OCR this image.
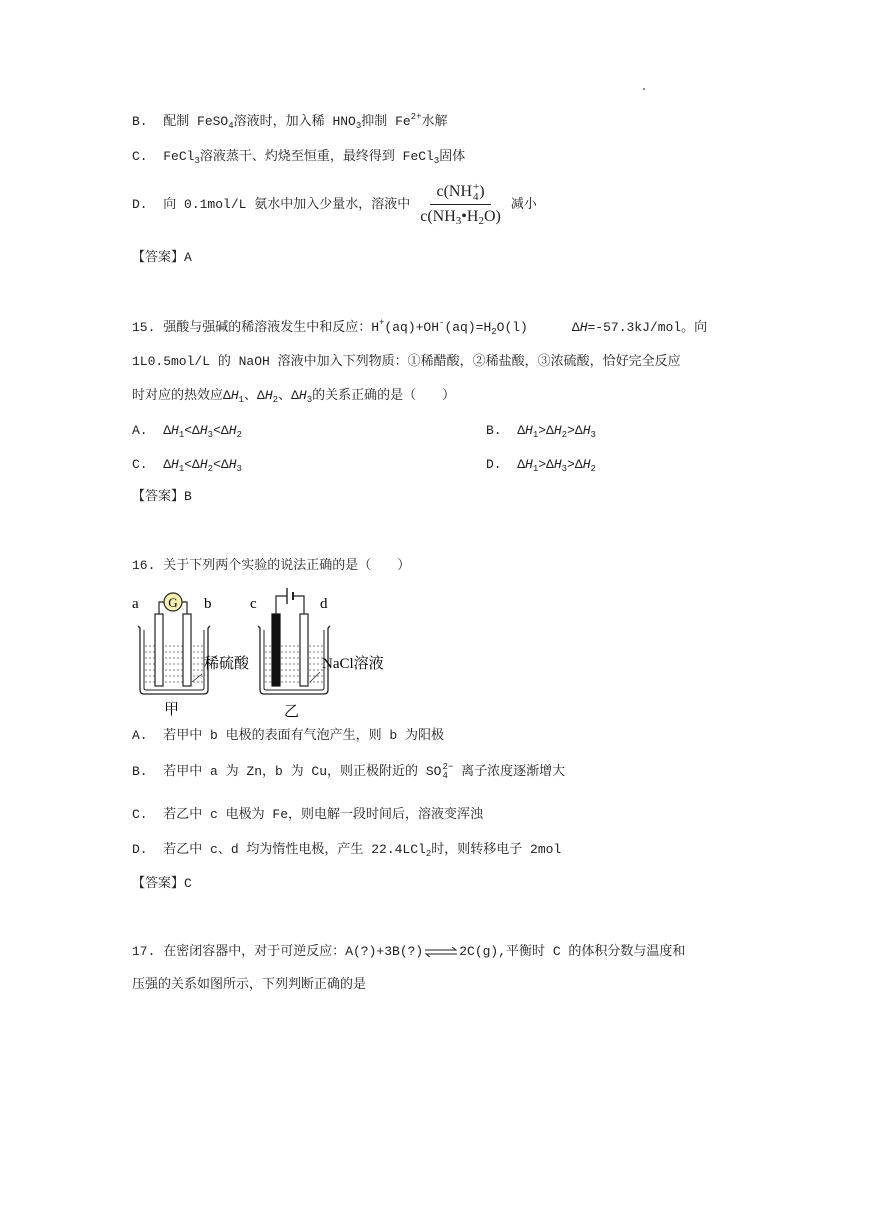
B. 配制 FeSO$_4$溶液时，加入稀 $HNO_3$抑制 $Fe^{2+}$水解
C. FeCl$_3$溶液蒸干、灼烧至恒重，最终得到 FeCl$_3$固体
D. 向 0.1mol/L 氨水中加入少量水，溶液中 c(NH +
4 )
$c(NH_3•H_2O)$ 减小
【答案】A
15. 强酸与强碱的稀溶液发生中和反应：$H^+(aq)+OH^-(aq)=H_2O(l)$	ΔH=-57.3kJ/mol。向
1L0.5mol/L 的 NaOH 溶液中加入下列物质：①稀醋酸，②稀盐酸，③浓硫酸，恰好完全反应
时对应的热效应$\Delta H_1$、$\Delta H_2$、$\Delta H_3$的关系正确的是（　　）
A. $\Delta H_1<\Delta H_3<\Delta H_2$	B. $\Delta H_1>\Delta H_2>\Delta H_3$
C. $\Delta H_1<\Delta H_2<\Delta H_3$	D. $\Delta H_1>\Delta H_3>\Delta H_2$
【答案】B
16. 关于下列两个实验的说法正确的是（　　）
G
a	b
稀硫酸
甲
c	d
NaCl溶液
乙
A. 若甲中 b 电极的表面有气泡产生，则 b 为阳极
B. 若甲中 a 为 Zn，b 为 Cu，则正极附近的 SO 2−
4 离子浓度逐渐增大
C. 若乙中 c 电极为 Fe，则电解一段时间后，溶液变浑浊
D. 若乙中 c、d 均为惰性电极，产生 22.4LCl$_2$时，则转移电子 2mol
【答案】C
17. 在密闭容器中，对于可逆反应：A(?)+3B(?)⇌2C(g),平衡时 C 的体积分数与温度和
压强的关系如图所示，下列判断正确的是
